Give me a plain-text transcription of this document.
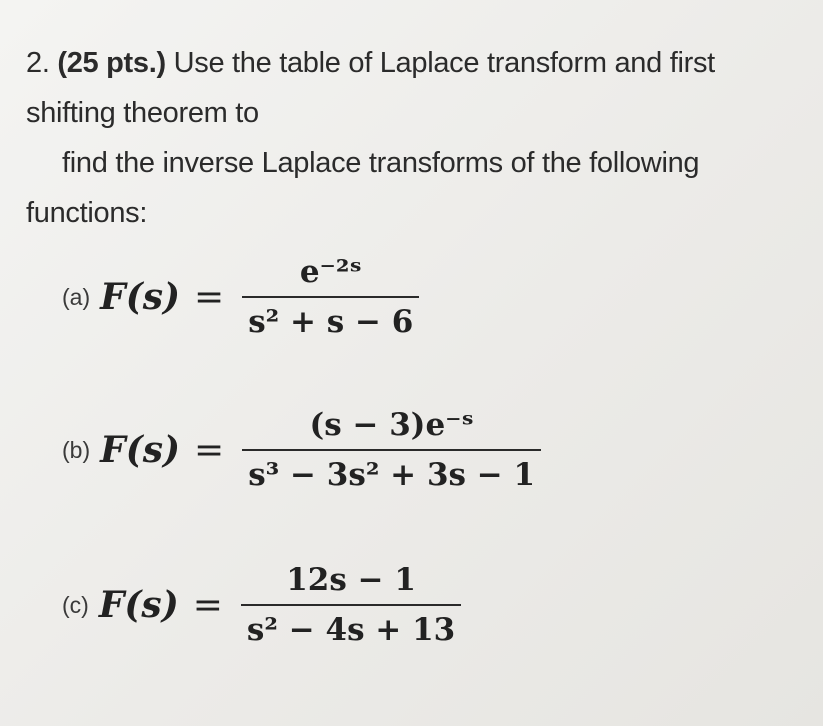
2. (25 pts.) Use the table of Laplace transform and first
shifting theorem to
find the inverse Laplace transforms of the following
functions:
(a) $F(s) = \frac{\text{e⁻²ˢ}}{\text{s² + s − 6}}$
(b) $F(s) = \frac{\text{(s − 3)e⁻ˢ}}{\text{s³ − 3s² + 3s − 1}}$
(c) $F(s) = \frac{12s - 1}{\text{s² − 4s + 13}}$
